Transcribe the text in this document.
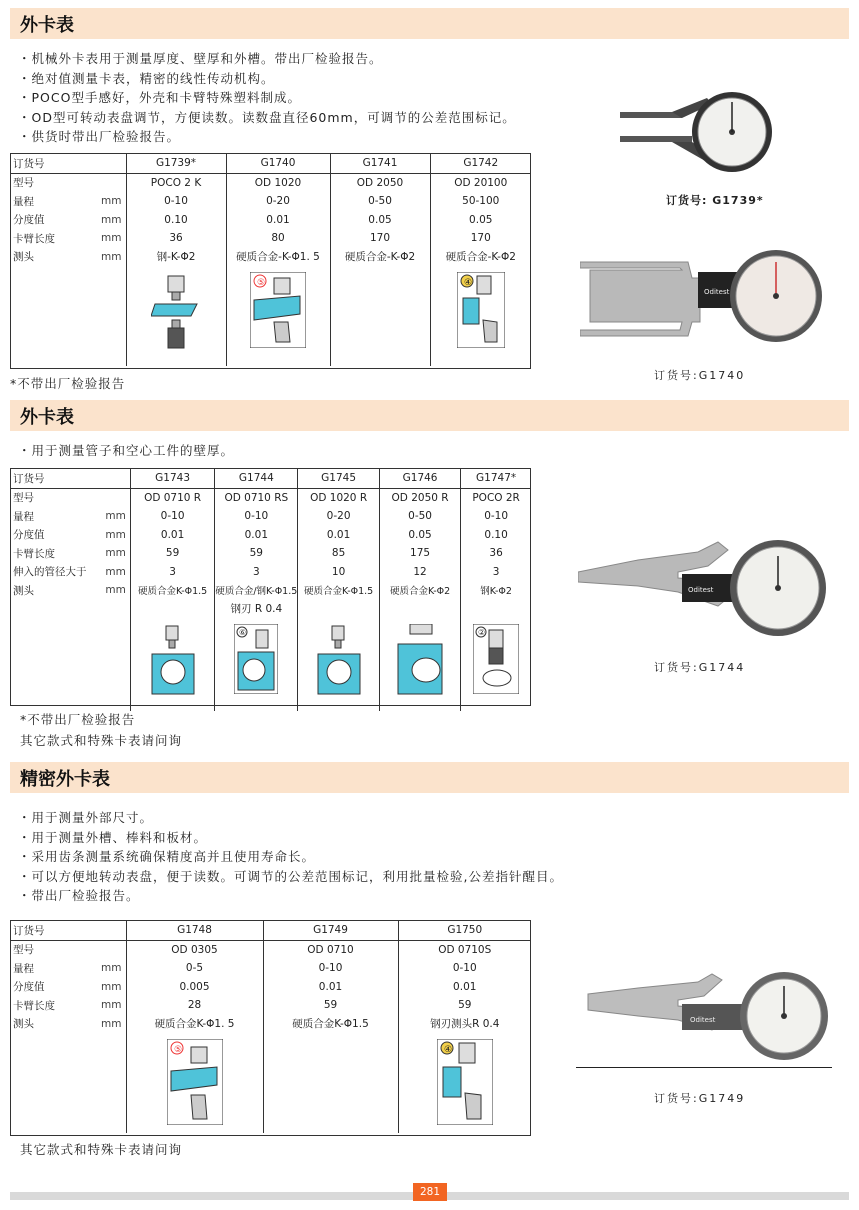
外卡表
・机械外卡表用于测量厚度、壁厚和外槽。带出厂检验报告。
・绝对值测量卡表，精密的线性传动机构。
・POCO型手感好，外壳和卡臂特殊塑料制成。
・OD型可转动表盘调节，方便读数。读数盘直径60mm，可调节的公差范围标记。
・供货时带出厂检验报告。
订货号		G1739*	G1740	G1741	G1742
型号		POCO 2 K	OD 1020	OD 2050	OD 20100
量程	mm	0-10	0-20	0-50	50-100
分度值	mm	0.10	0.01	0.05	0.05
卡臂长度	mm	36	80	170	170
测头	mm	钢-K-Φ2	硬质合金-K-Φ1. 5	硬质合金-K-Φ2	硬质合金-K-Φ2

⑤		④
*不带出厂检验报告
订货号: G1739*
Oditest
订货号:G1740
外卡表
・用于测量管子和空心工件的壁厚。
订货号		G1743	G1744	G1745	G1746	G1747*
型号		OD 0710 R	OD 0710 RS	OD 1020 R	OD 2050 R	POCO 2R
量程	mm	0-10	0-10	0-20	0-50	0-10
分度值	mm	0.01	0.01	0.01	0.05	0.10
卡臂长度	mm	59	59	85	175	36
伸入的管径大于	mm	3	3	10	12	3
测头	mm	硬质合金K-Φ1.5	硬质合金/钢K-Φ1.5	硬质合金K-Φ1.5	硬质合金K-Φ2	钢K-Φ2
			钢刃 R 0.4			

⑥			②
*不带出厂检验报告
其它款式和特殊卡表请问询
Oditest
订货号:G1744
精密外卡表
・用于测量外部尺寸。
・用于测量外槽、棒料和板材。
・采用齿条测量系统确保精度高并且使用寿命长。
・可以方便地转动表盘，便于读数。可调节的公差范围标记，利用批量检验,公差指针醒目。
・带出厂检验报告。
订货号		G1748	G1749	G1750
型号		OD 0305	OD 0710	OD 0710S
量程	mm	0-5	0-10	0-10
分度值	mm	0.005	0.01	0.01
卡臂长度	mm	28	59	59
测头	mm	硬质合金K-Φ1. 5	硬质合金K-Φ1.5	钢刃测头R 0.4

⑤		④
其它款式和特殊卡表请问询
Oditest
订货号:G1749
281
